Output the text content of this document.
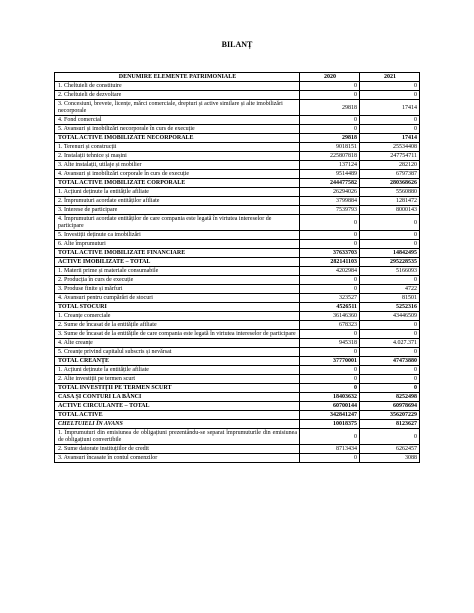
BILANȚ
DENUMIRE ELEMENTE PATRIMONIALE	2020	2021
1. Cheltuieli de constituire	0	0
2. Cheltuieli de dezvoltare	0	0
3. Concesiuni, brevete, licențe, mărci comerciale, drepturi și active similare și alte imobilizări necorporale	29818	17414
4. Fond comercial	0	0
5. Avansuri și imobilizări necorporale în curs de execuție	0	0
TOTAL ACTIVE IMOBILIZATE NECORPORALE	29818	17414
1. Terenuri și construcții	9018151	25534408
2. Instalații tehnice și mașini	225807818	247754711
3. Alte instalații, utilaje și mobilier	137124	282120
4. Avansuri și imobilizări corporale în curs de execuție	9514489	6797387
TOTAL ACTIVE IMOBILIZATE CORPORALE	244477582	280368626
1. Acțiuni deținute la entitățile afiliate	26294026	5560880
2. Împrumuturi acordate entităților afiliate	3799884	1281472
3. Interese de participare	7539793	8000143
4. Împrumuturi acordate entităților de care compania este legată în virtutea intereselor de participare	0	0
5. Investiții deținute ca imobilizări	0	0
6. Alte împrumuturi	0	0
TOTAL ACTIVE IMOBILIZATE FINANCIARE	37633703	14842495
ACTIVE IMOBILIZATE – TOTAL	282141103	295228535
1. Materii prime și materiale consumabile	4202984	5166093
2. Producția în curs de execuție	0	0
3. Produse finite și mărfuri	0	4722
4. Avansuri pentru cumpărări de stocuri	323527	81501
TOTAL STOCURI	4526511	5252316
1. Creanțe comerciale	36146360	43446509
2. Sume de încasat de la entitățile afiliate	678323	0
3. Sume de încasat de la entitățile de care compania este legată în virtutea intereselor de participare	0	0
4. Alte creanțe	945318	4.027.371
5. Creanțe privind capitalul subscris și nevărsat	0	0
TOTAL CREANȚE	37770001	47473880
1. Acțiuni deținute la entitățile afiliate	0	0
2. Alte investiții pe termen scurt	0	0
TOTAL INVESTIȚII PE TERMEN SCURT	0	0
CASA ȘI CONTURI LA BĂNCI	18403632	8252498
ACTIVE CIRCULANTE – TOTAL	60700144	60978694
TOTAL ACTIVE	342841247	356207229
CHELTUIELI ÎN AVANS	10018375	8123627
1. Împrumuturi din emisiunea de obligațiuni prezentându-se separat împrumuturile din emisiunea de obligațiuni convertibile	0	0
2. Sume datorate instituțiilor de credit	8713434	6262457
3. Avansuri încasate în contul comenzilor	0	3088
